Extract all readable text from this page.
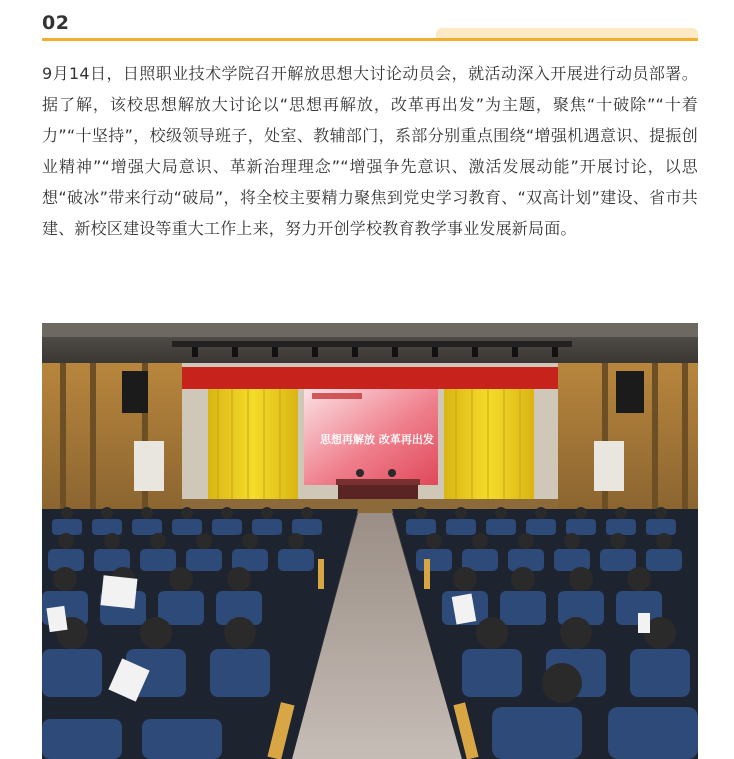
02

9月14日，日照职业技术学院召开解放思想大讨论动员会，就活动深入开展进行动员部署。据了解，该校思想解放大讨论以“思想再解放，改革再出发”为主题，聚焦“十破除”“十着力”“十坚持”，校级领导班子，处室、教辅部门，系部分别重点围绕“增强机遇意识、提振创业精神”“增强大局意识、革新治理理念”“增强争先意识、激活发展动能”开展讨论，以思想“破冰”带来行动“破局”，将全校主要精力聚焦到党史学习教育、“双高计划”建设、省市共建、新校区建设等重大工作上来，努力开创学校教育教学事业发展新局面。

思想再解放 改革再出发
